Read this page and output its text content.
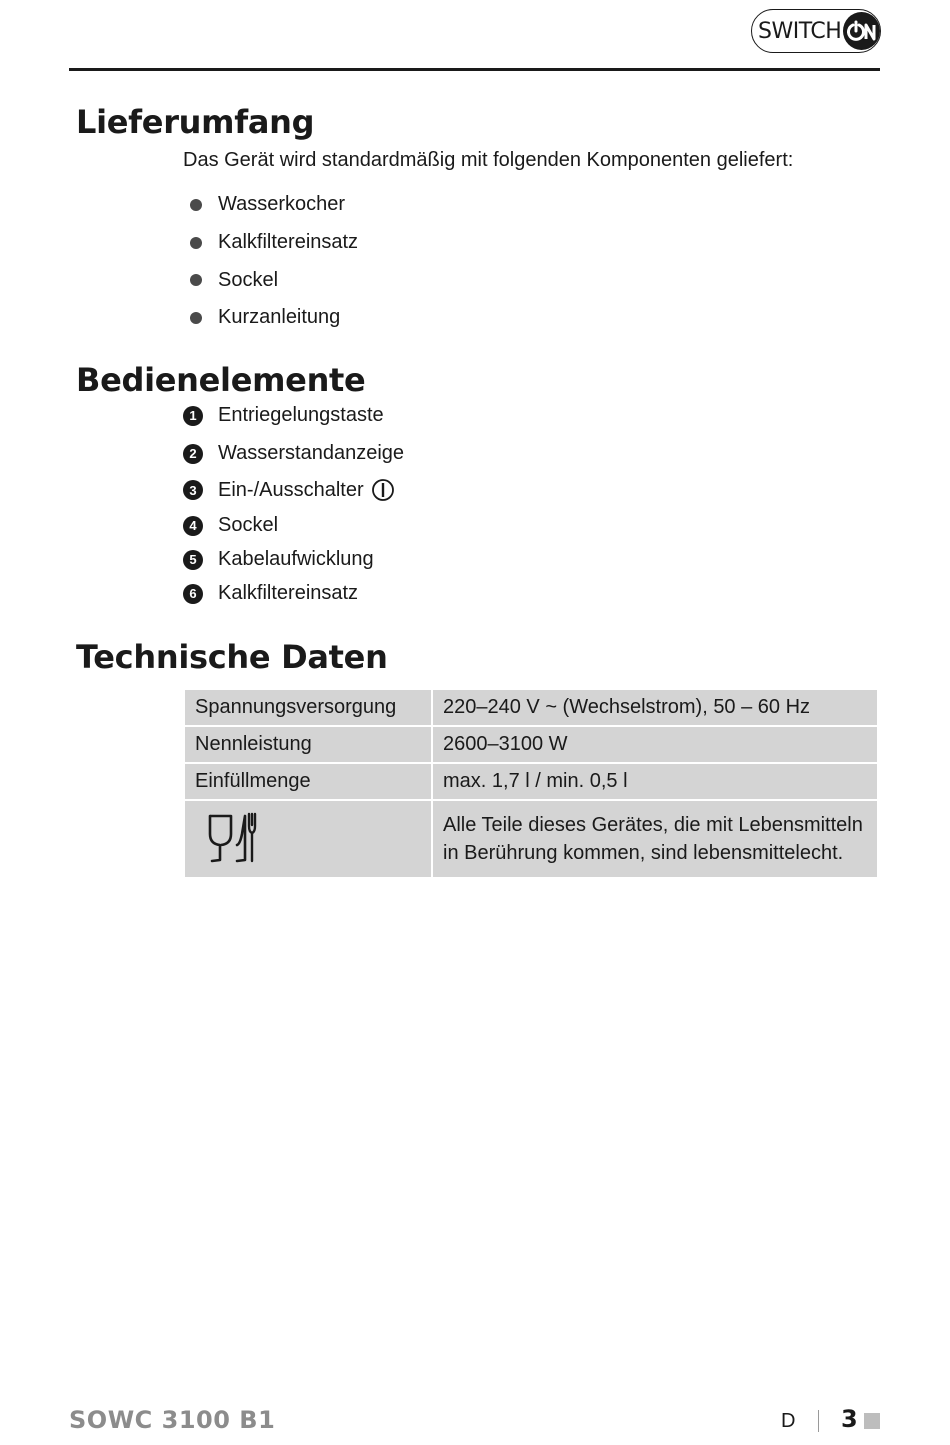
SWITCH
Lieferumfang

Das Gerät wird standardmäßig mit folgenden Komponenten geliefert:

Wasserkocher
Kalkfiltereinsatz
Sockel
Kurzanleitung
Bedienelemente
1	Entriegelungstaste
2	Wasserstandanzeige
3	Ein-/Ausschalter
4	Sockel
5	Kabelaufwicklung
6	Kalkfiltereinsatz
Technische Daten
Spannungsversorgung	220–240 V ~ (Wechselstrom), 50 – 60 Hz
Nennleistung	2600–3100 W
Einfüllmenge	max. 1,7 l / min. 0,5 l

Alle Teile dieses Gerätes, die mit Lebensmitteln
in Berührung kommen, sind lebensmittelecht.
SOWC 3100 B1	D 3
